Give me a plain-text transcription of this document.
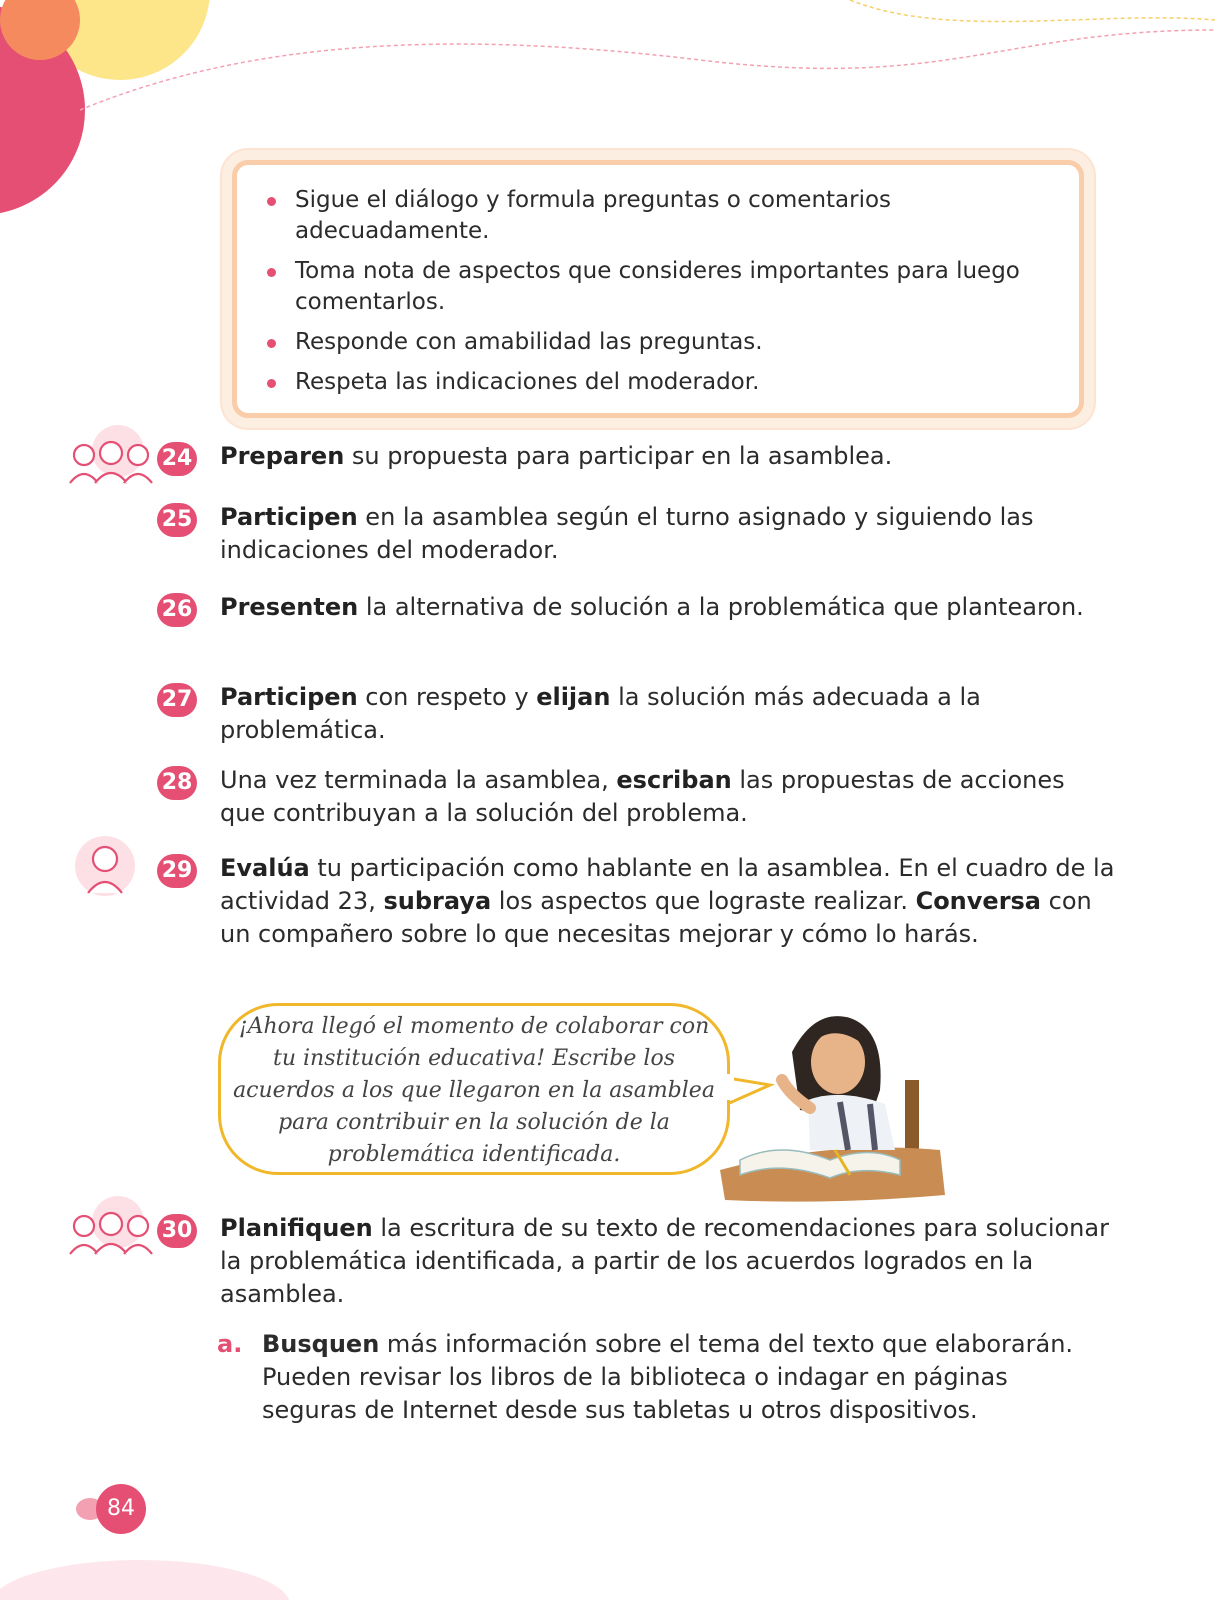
Sigue el diálogo y formula preguntas o comentarios adecuadamente.
Toma nota de aspectos que consideres importantes para luego comentarlos.
Responde con amabilidad las preguntas.
Respeta las indicaciones del moderador.
24 Preparen su propuesta para participar en la asamblea.
25 Participen en la asamblea según el turno asignado y siguiendo las indicaciones del moderador.
26 Presenten la alternativa de solución a la problemática que plantearon.
27 Participen con respeto y elijan la solución más adecuada a la problemática.
28 Una vez terminada la asamblea, escriban las propuestas de acciones que contribuyan a la solución del problema.
29 Evalúa tu participación como hablante en la asamblea. En el cuadro de la actividad 23, subraya los aspectos que lograste realizar. Conversa con un compañero sobre lo que necesitas mejorar y cómo lo harás.
¡Ahora llegó el momento de colaborar con tu institución educativa! Escribe los acuerdos a los que llegaron en la asamblea para contribuir en la solución de la problemática identificada.
30 Planifiquen la escritura de su texto de recomendaciones para solucionar la problemática identificada, a partir de los acuerdos logrados en la asamblea.
a. Busquen más información sobre el tema del texto que elaborarán. Pueden revisar los libros de la biblioteca o indagar en páginas seguras de Internet desde sus tabletas u otros dispositivos.
84
